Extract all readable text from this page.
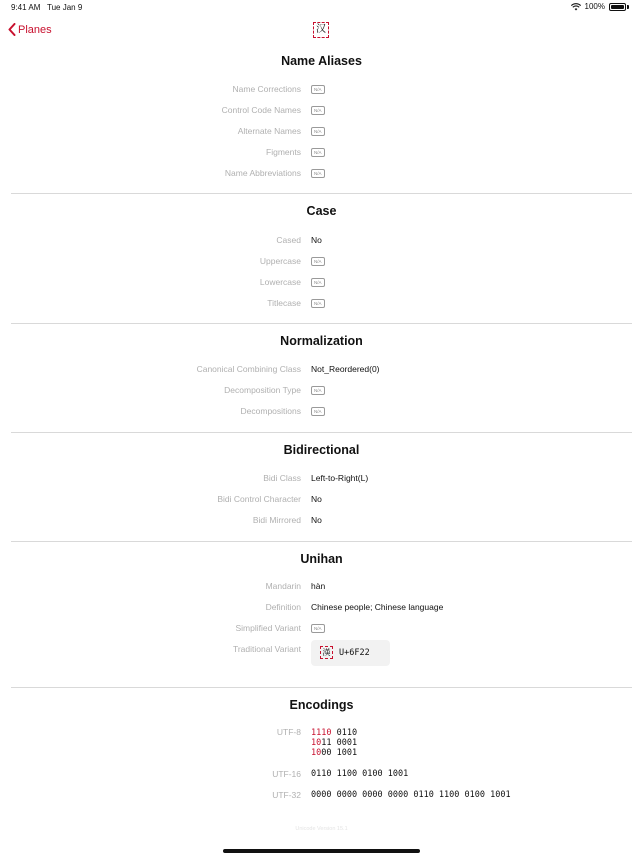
9:41 AM Tue Jan 9	100%
Planes	汉
Name Aliases
Name Corrections	N/A
Control Code Names	N/A
Alternate Names	N/A
Figments	N/A
Name Abbreviations	N/A
Case
Cased No
Uppercase	N/A
Lowercase	N/A
Titlecase	N/A
Normalization
Canonical Combining Class Not_Reordered(0)
Decomposition Type	N/A
Decompositions	N/A
Bidirectional
Bidi Class Left-to-Right(L)
Bidi Control Character No
Bidi Mirrored No
Unihan
Mandarin hàn
Definition Chinese people; Chinese language
Simplified Variant	N/A
Traditional Variant	漢 U+6F22
Encodings
UTF-8 1110 0110
1011 0001
1000 1001
UTF-16 0110 1100 0100 1001
UTF-32 0000 0000 0000 0000 0110 1100 0100 1001
Unicode Version 15.1
